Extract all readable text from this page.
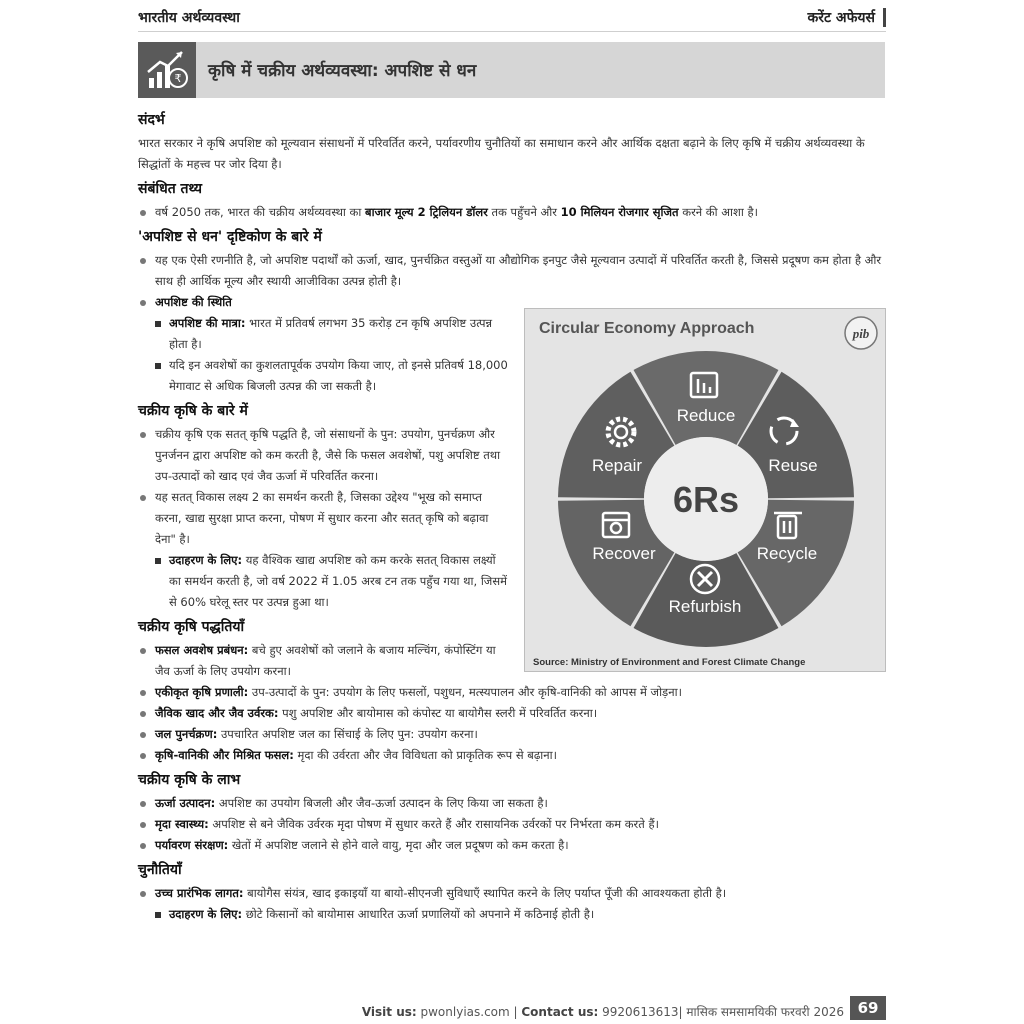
भारतीय अर्थव्यवस्था	करेंट अफेयर्स
₹ कृषि में चक्रीय अर्थव्यवस्था: अपशिष्ट से धन
संदर्भ

भारत सरकार ने कृषि अपशिष्ट को मूल्यवान संसाधनों में परिवर्तित करने, पर्यावरणीय चुनौतियों का समाधान करने और आर्थिक दक्षता बढ़ाने के लिए कृषि में चक्रीय अर्थव्यवस्था के सिद्धांतों के महत्त्व पर जोर दिया है।

संबंधित तथ्य
वर्ष 2050 तक, भारत की चक्रीय अर्थव्यवस्था का बाजार मूल्य 2 ट्रिलियन डॉलर तक पहुँचने और 10 मिलियन रोजगार सृजित करने की आशा है।
'अपशिष्ट से धन' दृष्टिकोण के बारे में
यह एक ऐसी रणनीति है, जो अपशिष्ट पदार्थों को ऊर्जा, खाद, पुनर्चक्रित वस्तुओं या औद्योगिक इनपुट जैसे मूल्यवान उत्पादों में परिवर्तित करती है, जिससे प्रदूषण कम होता है और साथ ही आर्थिक मूल्य और स्थायी आजीविका उत्पन्न होती है।
अपशिष्ट की स्थिति
अपशिष्ट की मात्रा: भारत में प्रतिवर्ष लगभग 35 करोड़ टन कृषि अपशिष्ट उत्पन्न होता है।
यदि इन अवशेषों का कुशलतापूर्वक उपयोग किया जाए, तो इनसे प्रतिवर्ष 18,000 मेगावाट से अधिक बिजली उत्पन्न की जा सकती है।
चक्रीय कृषि के बारे में
चक्रीय कृषि एक सतत् कृषि पद्धति है, जो संसाधनों के पुन: उपयोग, पुनर्चक्रण और पुनर्जनन द्वारा अपशिष्ट को कम करती है, जैसे कि फसल अवशेषों, पशु अपशिष्ट तथा उप-उत्पादों को खाद एवं जैव ऊर्जा में परिवर्तित करना।
यह सतत् विकास लक्ष्य 2 का समर्थन करती है, जिसका उद्देश्य "भूख को समाप्त करना, खाद्य सुरक्षा प्राप्त करना, पोषण में सुधार करना और सतत् कृषि को बढ़ावा देना" है।
उदाहरण के लिए: यह वैश्विक खाद्य अपशिष्ट को कम करके सतत् विकास लक्ष्यों का समर्थन करती है, जो वर्ष 2022 में 1.05 अरब टन तक पहुँच गया था, जिसमें से 60% घरेलू स्तर पर उत्पन्न हुआ था।
चक्रीय कृषि पद्धतियाँ
फसल अवशेष प्रबंधन: बचे हुए अवशेषों को जलाने के बजाय मल्चिंग, कंपोस्टिंग या जैव ऊर्जा के लिए उपयोग करना।
एकीकृत कृषि प्रणाली: उप-उत्पादों के पुन: उपयोग के लिए फसलों, पशुधन, मत्स्यपालन और कृषि-वानिकी को आपस में जोड़ना।
जैविक खाद और जैव उर्वरक: पशु अपशिष्ट और बायोमास को कंपोस्ट या बायोगैस स्लरी में परिवर्तित करना।
जल पुनर्चक्रण: उपचारित अपशिष्ट जल का सिंचाई के लिए पुन: उपयोग करना।
कृषि-वानिकी और मिश्रित फसल: मृदा की उर्वरता और जैव विविधता को प्राकृतिक रूप से बढ़ाना।
चक्रीय कृषि के लाभ
ऊर्जा उत्पादन: अपशिष्ट का उपयोग बिजली और जैव-ऊर्जा उत्पादन के लिए किया जा सकता है।
मृदा स्वास्थ्य: अपशिष्ट से बने जैविक उर्वरक मृदा पोषण में सुधार करते हैं और रासायनिक उर्वरकों पर निर्भरता कम करते हैं।
पर्यावरण संरक्षण: खेतों में अपशिष्ट जलाने से होने वाले वायु, मृदा और जल प्रदूषण को कम करता है।
चुनौतियाँ
उच्च प्रारंभिक लागत: बायोगैस संयंत्र, खाद इकाइयाँ या बायो-सीएनजी सुविधाएँ स्थापित करने के लिए पर्याप्त पूँजी की आवश्यकता होती है।
उदाहरण के लिए: छोटे किसानों को बायोमास आधारित ऊर्जा प्रणालियों को अपनाने में कठिनाई होती है।
Circular Economy Approach	pib
6Rs
Reduce
Reuse
Recycle
Refurbish
Recover
Repair
Source: Ministry of Environment and Forest Climate Change
Visit us: pwonlyias.com | Contact us: 9920613613| मासिक समसामयिकी फरवरी 2026 69
